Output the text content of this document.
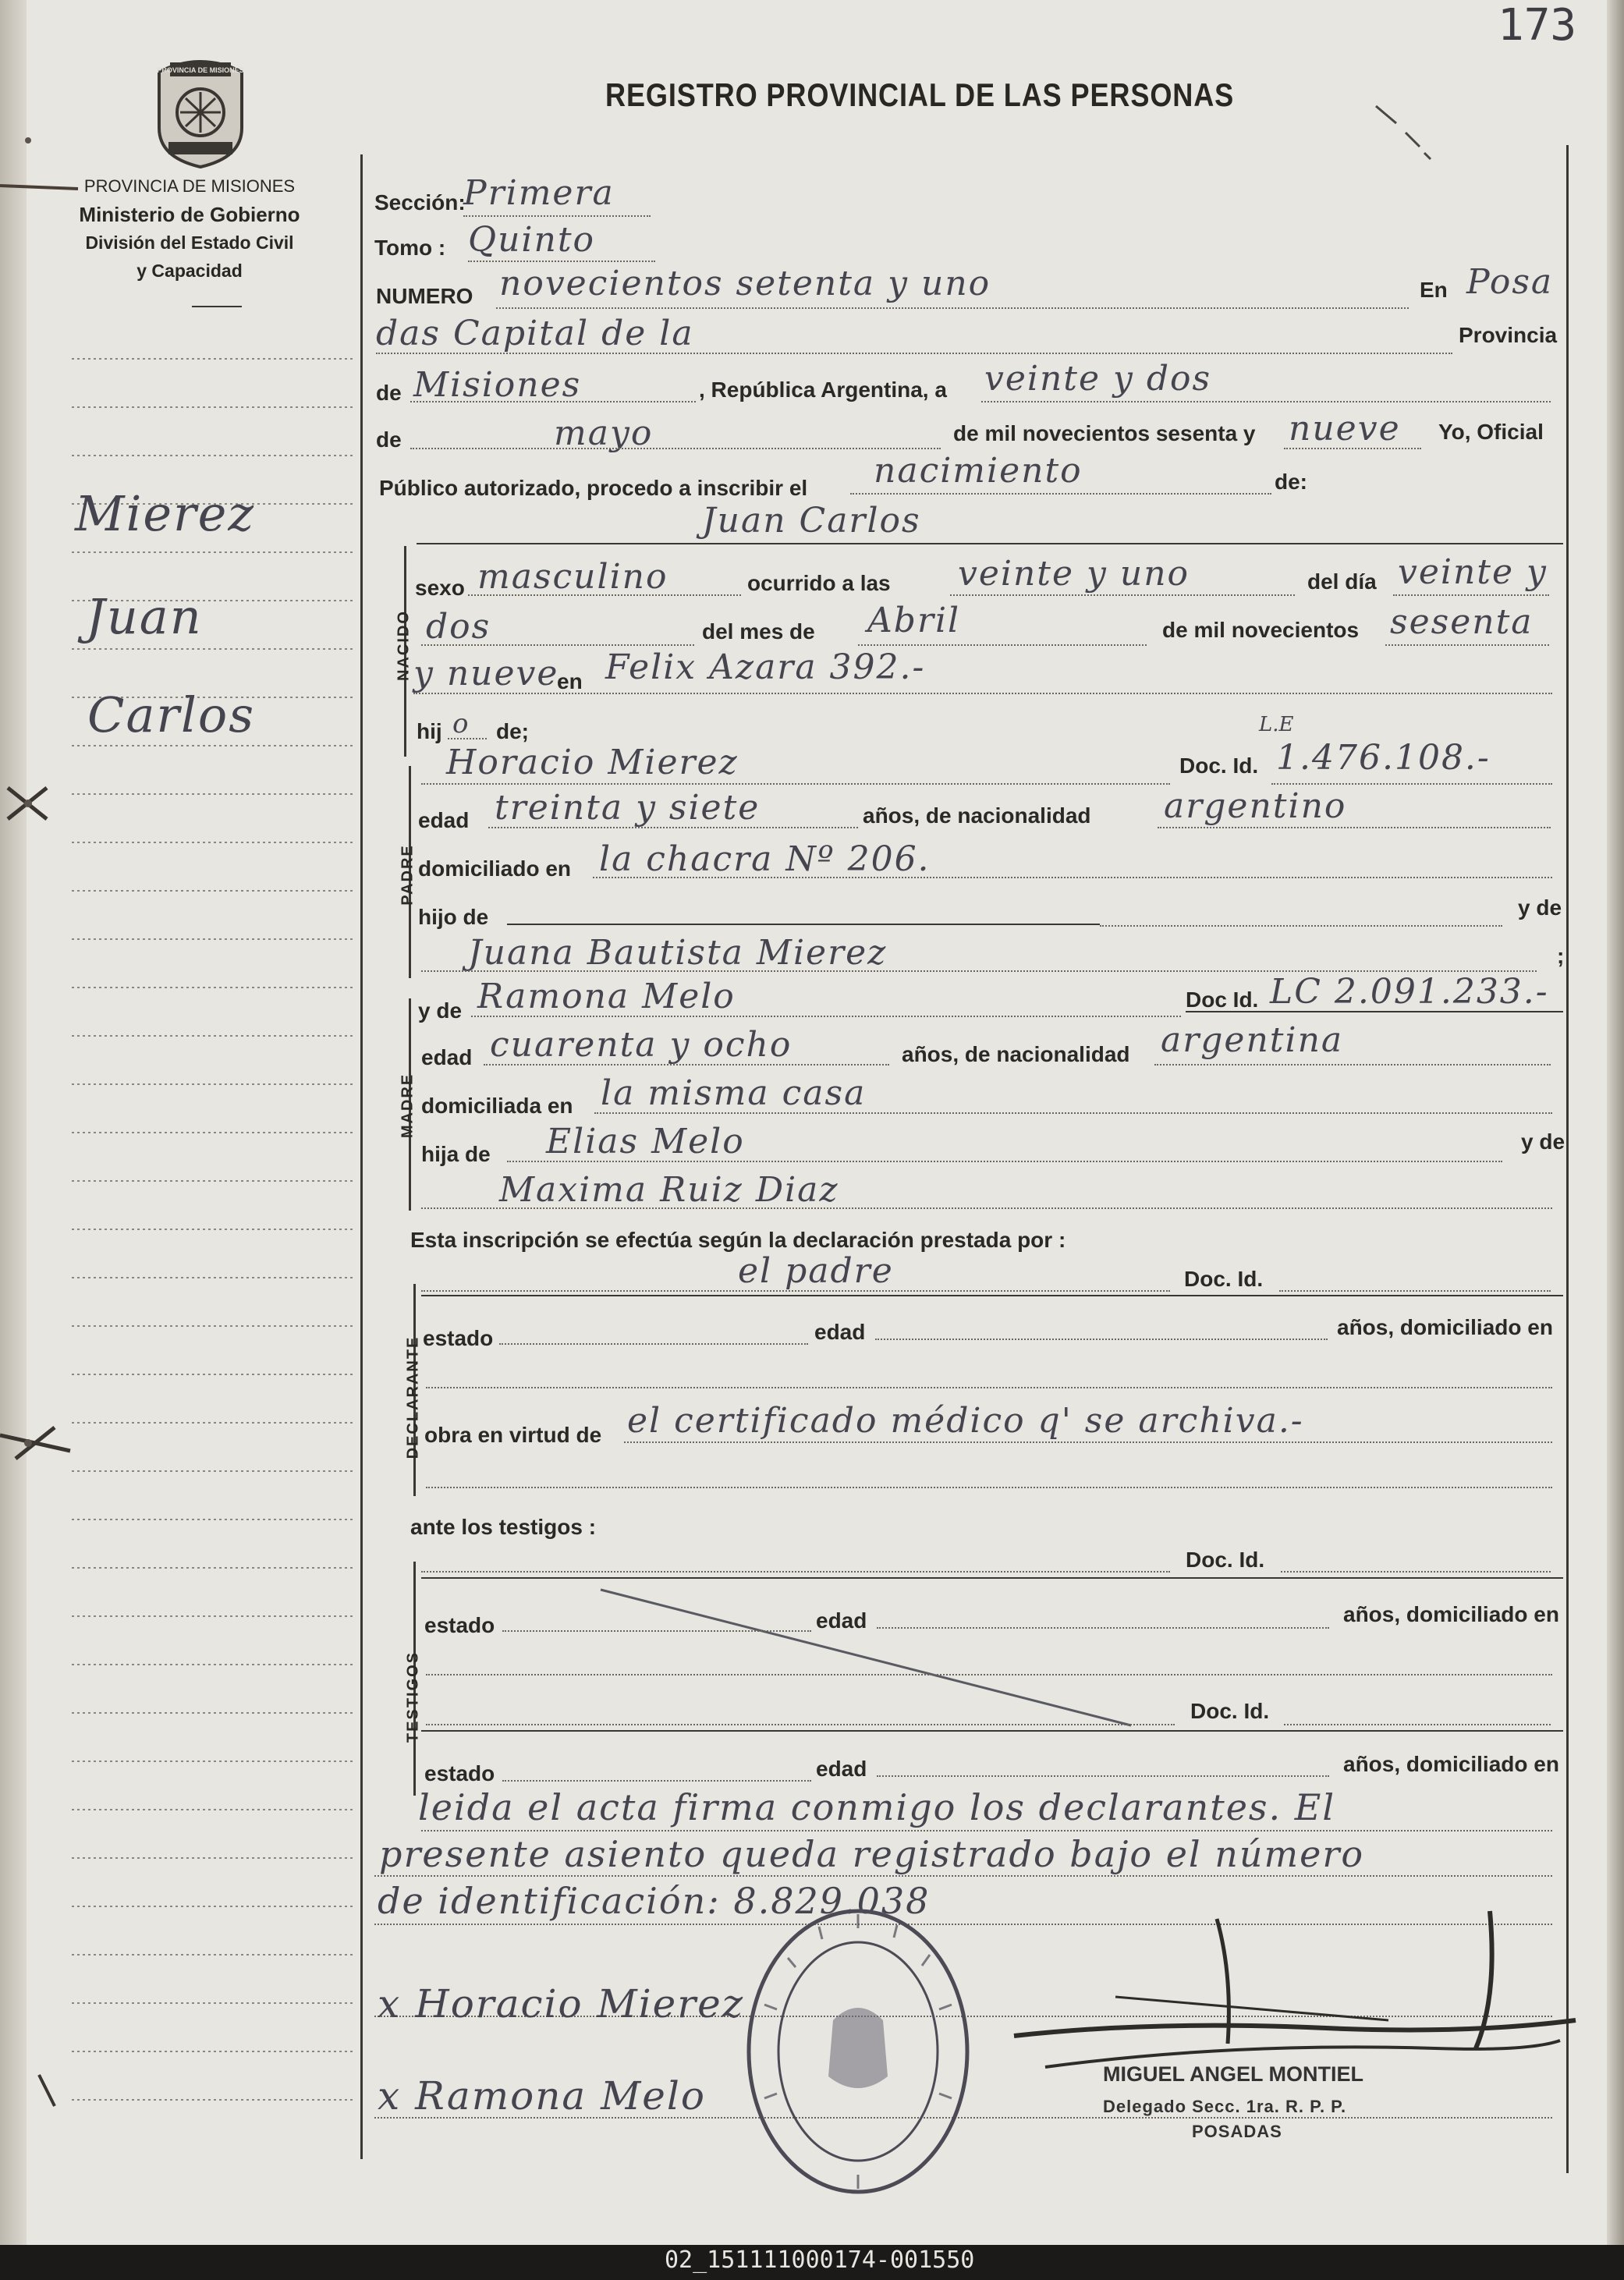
173
REGISTRO PROVINCIAL DE LAS PERSONAS
PROVINCIA DE MISIONES
PROVINCIA DE MISIONES
Ministerio de Gobierno
División del Estado Civil
y Capacidad
Mierez
Juan
Carlos
Sección:
Primera
Tomo : Quinto
NUMERO novecientos setenta y uno	En Posa
das Capital de la	Provincia
de Misiones	, República Argentina, a veinte y dos
de	mayo	de mil novecientos sesenta y nueve Yo, Oficial
Público autorizado, procedo a inscribir el nacimiento	de:
Juan Carlos
NACIDO
sexo masculino	ocurrido a las veinte y uno	del día veinte y
dos	del mes de Abril	de mil novecientos sesenta
y nueve
en Felix Azara 392.-
hij o de;
PADRE
Horacio Mierez	Doc. Id.
L.E
1.476.108.-
edad treinta y siete	años, de nacionalidad argentino
domiciliado en la chacra Nº 206.
hijo de	y de
Juana Bautista Mierez	;
MADRE
y de Ramona Melo	Doc Id. LC 2.091.233.-
edad cuarenta y ocho	años, de nacionalidad argentina
domiciliada en la misma casa
hija de Elias Melo	y de
Maxima Ruiz Diaz
Esta inscripción se efectúa según la declaración prestada por :
DECLARANTE
el padre	Doc. Id.
estado	edad	años, domiciliado en
obra en virtud de el certificado médico q' se archiva.-
ante los testigos :
TESTIGOS
Doc. Id.
estado	edad	años, domiciliado en
Doc. Id.
estado	edad	años, domiciliado en
leida el acta firma conmigo los declarantes. El
presente asiento queda registrado bajo el número
de identificación: 8.829.038
x Horacio Mierez
x Ramona Melo	MIGUEL ANGEL MONTIEL
Delegado Secc. 1ra. R. P. P.
POSADAS
02_151111000174-001550
